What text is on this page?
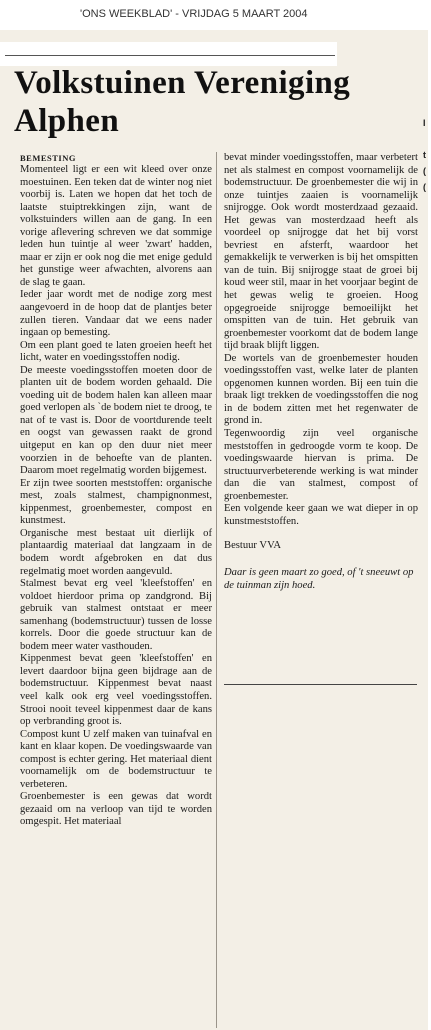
'ONS WEEKBLAD' - VRIJDAG 5 MAART 2004
Volkstuinen Vereniging Alphen
BEMESTING

Momenteel ligt er een wit kleed over onze moestuinen. Een teken dat de winter nog niet voorbij is. Laten we hopen dat het toch de laatste stuiptrekkingen zijn, want de volkstuinders willen aan de gang. In een vorige aflevering schreven we dat sommige leden hun tuintje al weer 'zwart' hadden, maar er zijn er ook nog die met enige geduld het gunstige weer afwachten, alvorens aan de slag te gaan.

Ieder jaar wordt met de nodige zorg mest aangevoerd in de hoop dat de plantjes beter zullen tieren. Vandaar dat we eens nader ingaan op bemesting.

Om een plant goed te laten groeien heeft het licht, water en voedingsstoffen nodig.

De meeste voedingsstoffen moeten door de planten uit de bodem worden gehaald. Die voeding uit de bodem halen kan alleen maar goed verlopen als `de bodem niet te droog, te nat of te vast is. Door de voortdurende teelt en oogst van gewassen raakt de grond uitgeput en kan op den duur niet meer voorzien in de behoefte van de planten. Daarom moet regelmatig worden bijgemest.

Er zijn twee soorten meststoffen: organische mest, zoals stalmest, champignonmest, kippenmest, groenbemester, compost en kunstmest.

Organische mest bestaat uit dierlijk of plantaardig materiaal dat langzaam in de bodem wordt afgebroken en dat dus regelmatig moet worden aangevuld.

Stalmest bevat erg veel 'kleefstoffen' en voldoet hierdoor prima op zandgrond. Bij gebruik van stalmest ontstaat er meer samenhang (bodemstructuur) tussen de losse korrels. Door die goede structuur kan de bodem meer water vasthouden.

Kippenmest bevat geen 'kleefstoffen' en levert daardoor bijna geen bijdrage aan de bodemstructuur. Kippenmest bevat naast veel kalk ook erg veel voedingsstoffen. Strooi nooit teveel kippenmest daar de kans op verbranding groot is.

Compost kunt U zelf maken van tuinafval en kant en klaar kopen. De voedingswaarde van compost is echter gering. Het materiaal dient voornamelijk om de bodemstructuur te verbeteren.

Groenbemester is een gewas dat wordt gezaaid om na verloop van tijd te worden omgespit. Het materiaal

bevat minder voedingsstoffen, maar verbetert net als stalmest en compost voornamelijk de bodemstructuur. De groenbemester die wij in onze tuintjes zaaien is voornamelijk snijrogge. Ook wordt mosterdzaad gezaaid. Het gewas van mosterdzaad heeft als voordeel op snijrogge dat het bij vorst bevriest en afsterft, waardoor het gemakkelijk te verwerken is bij het omspitten van de tuin. Bij snijrogge staat de groei bij koud weer stil, maar in het voorjaar begint de het gewas welig te groeien. Hoog opgegroeide snijrogge bemoeilijkt het omspitten van de tuin. Het gebruik van groenbemester voorkomt dat de bodem lange tijd braak blijft liggen.

De wortels van de groenbemester houden voedingsstoffen vast, welke later de planten opgenomen kunnen worden. Bij een tuin die braak ligt trekken de voedingsstoffen die nog in de bodem zitten met het regenwater de grond in.

Tegenwoordig zijn veel organische meststoffen in gedroogde vorm te koop. De voedingswaarde hiervan is prima. De structuurverbeterende werking is wat minder dan die van stalmest, compost of groenbemester.

Een volgende keer gaan we wat dieper in op kunstmeststoffen.

Bestuur VVA

Daar is geen maart zo goed, of 't sneeuwt op de tuinman zijn hoed.

I
t
(
(
